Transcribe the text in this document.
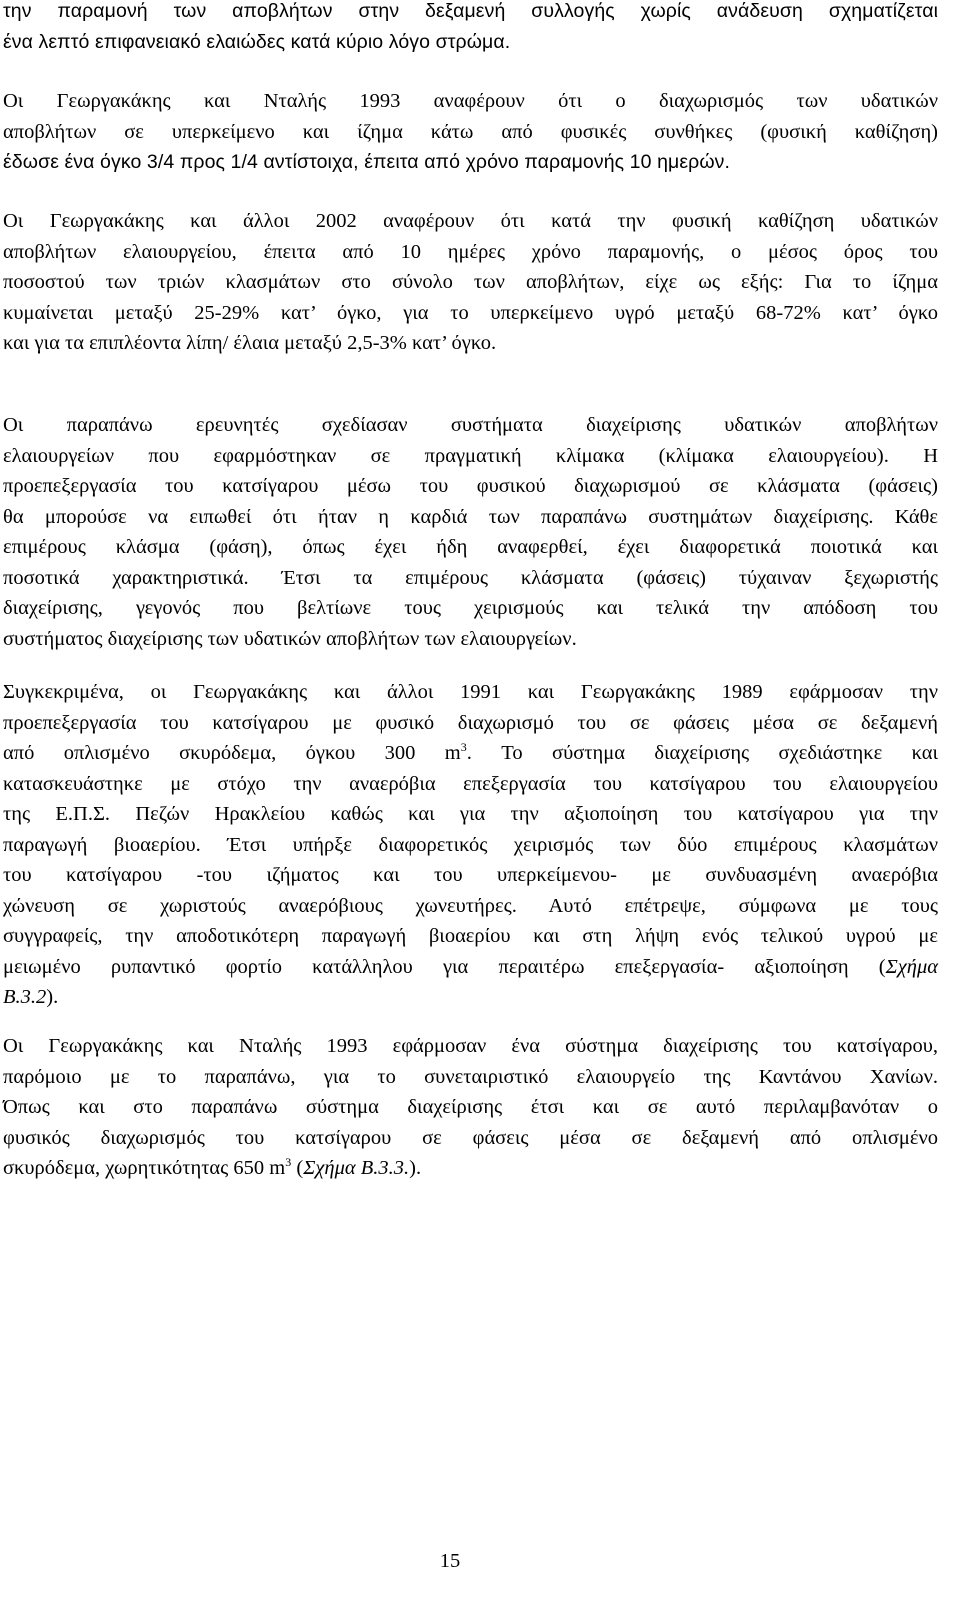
την παραμονή των αποβλήτων στην δεξαμενή συλλογής χωρίς ανάδευση σχηματίζεται
ένα λεπτό επιφανειακό ελαιώδες κατά κύριο λόγο στρώμα.
Οι Γεωργακάκης και Νταλής 1993 αναφέρουν ότι ο διαχωρισμός των υδατικών
αποβλήτων σε υπερκείμενο και ίζημα κάτω από φυσικές συνθήκες (φυσική καθίζηση)
έδωσε ένα όγκο 3/4 προς 1/4 αντίστοιχα, έπειτα από χρόνο παραμονής 10 ημερών.
Οι Γεωργακάκης και άλλοι 2002 αναφέρουν ότι κατά την φυσική καθίζηση υδατικών
αποβλήτων ελαιουργείου, έπειτα από 10 ημέρες χρόνο παραμονής, ο μέσος όρος του
ποσοστού των τριών κλασμάτων στο σύνολο των αποβλήτων, είχε ως εξής: Για το ίζημα
κυμαίνεται μεταξύ 25-29% κατ’ όγκο, για το υπερκείμενο υγρό μεταξύ 68-72% κατ’ όγκο
και για τα επιπλέοντα λίπη/ έλαια μεταξύ 2,5-3% κατ’ όγκο.
Οι παραπάνω ερευνητές σχεδίασαν συστήματα διαχείρισης υδατικών αποβλήτων
ελαιουργείων που εφαρμόστηκαν σε πραγματική κλίμακα (κλίμακα ελαιουργείου). Η
προεπεξεργασία του κατσίγαρου μέσω του φυσικού διαχωρισμού σε κλάσματα (φάσεις)
θα μπορούσε να ειπωθεί ότι ήταν η καρδιά των παραπάνω συστημάτων διαχείρισης. Κάθε
επιμέρους κλάσμα (φάση), όπως έχει ήδη αναφερθεί, έχει διαφορετικά ποιοτικά και
ποσοτικά χαρακτηριστικά. Έτσι τα επιμέρους κλάσματα (φάσεις) τύχαιναν ξεχωριστής
διαχείρισης, γεγονός που βελτίωνε τους χειρισμούς και τελικά την απόδοση του
συστήματος διαχείρισης των υδατικών αποβλήτων των ελαιουργείων.
Συγκεκριμένα, οι Γεωργακάκης και άλλοι 1991 και Γεωργακάκης 1989 εφάρμοσαν την
προεπεξεργασία του κατσίγαρου με φυσικό διαχωρισμό του σε φάσεις μέσα σε δεξαμενή
από οπλισμένο σκυρόδεμα, όγκου 300 $m^3$. Το σύστημα διαχείρισης σχεδιάστηκε και
κατασκευάστηκε με στόχο την αναερόβια επεξεργασία του κατσίγαρου του ελαιουργείου
της Ε.Π.Σ. Πεζών Ηρακλείου καθώς και για την αξιοποίηση του κατσίγαρου για την
παραγωγή βιοαερίου. Έτσι υπήρξε διαφορετικός χειρισμός των δύο επιμέρους κλασμάτων
του κατσίγαρου -του ιζήματος και του υπερκείμενου- με συνδυασμένη αναερόβια
χώνευση σε χωριστούς αναερόβιους χωνευτήρες. Αυτό επέτρεψε, σύμφωνα με τους
συγγραφείς, την αποδοτικότερη παραγωγή βιοαερίου και στη λήψη ενός τελικού υγρού με
μειωμένο ρυπαντικό φορτίο κατάλληλου για περαιτέρω επεξεργασία- αξιοποίηση (Σχήμα
Β.3.2).
Οι Γεωργακάκης και Νταλής 1993 εφάρμοσαν ένα σύστημα διαχείρισης του κατσίγαρου,
παρόμοιο με το παραπάνω, για το συνεταιριστικό ελαιουργείο της Καντάνου Χανίων.
Όπως και στο παραπάνω σύστημα διαχείρισης έτσι και σε αυτό περιλαμβανόταν ο
φυσικός διαχωρισμός του κατσίγαρου σε φάσεις μέσα σε δεξαμενή από οπλισμένο
σκυρόδεμα, χωρητικότητας 650 $m^3$ (Σχήμα Β.3.3.).
15
